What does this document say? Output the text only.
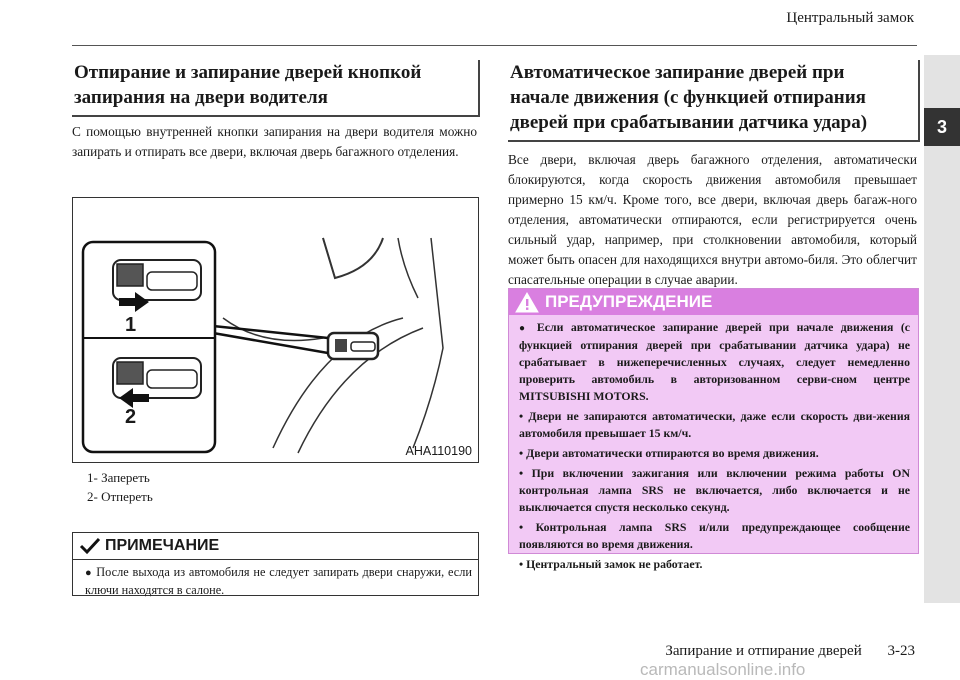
Центральный замок
3
Отпирание и запирание дверей кнопкой
запирания на двери водителя
С помощью внутренней кнопки запирания на двери водителя можно запирать и отпирать все двери, включая дверь багажного отделения.
1
2
AHA110190
1- Запереть
2- Отпереть
ПРИМЕЧАНИЕ
● После выхода из автомобиля не следует запирать двери снаружи, если ключи находятся в салоне.
Автоматическое запирание дверей при
начале движения (с функцией отпирания
дверей при срабатывании датчика удара)
Все двери, включая дверь багажного отделения, автоматически блокируются, когда скорость движения автомобиля превышает примерно 15 км/ч. Кроме того, все двери, включая дверь багаж-ного отделения, автоматически отпираются, если регистрируется очень сильный удар, например, при столкновении автомобиля, который может быть опасен для находящихся внутри автомо-биля. Это облегчит спасательные операции в случае аварии.
ПРЕДУПРЕЖДЕНИЕ

● Если автоматическое запирание дверей при начале движения (с функцией отпирания дверей при срабатывании датчика удара) не срабатывает в нижеперечисленных случаях, следует немедленно проверить автомобиль в авторизованном серви-сном центре MITSUBISHI MOTORS.

• Двери не запираются автоматически, даже если скорость дви-жения автомобиля превышает 15 км/ч.

• Двери автоматически отпираются во время движения.

• При включении зажигания или включении режима работы ON контрольная лампа SRS не включается, либо включается и не выключается спустя несколько секунд.

• Контрольная лампа SRS и/или предупреждающее сообщение появляются во время движения.

• Центральный замок не работает.

Запирание и отпирание дверей 3-23
carmanualsonline.info
